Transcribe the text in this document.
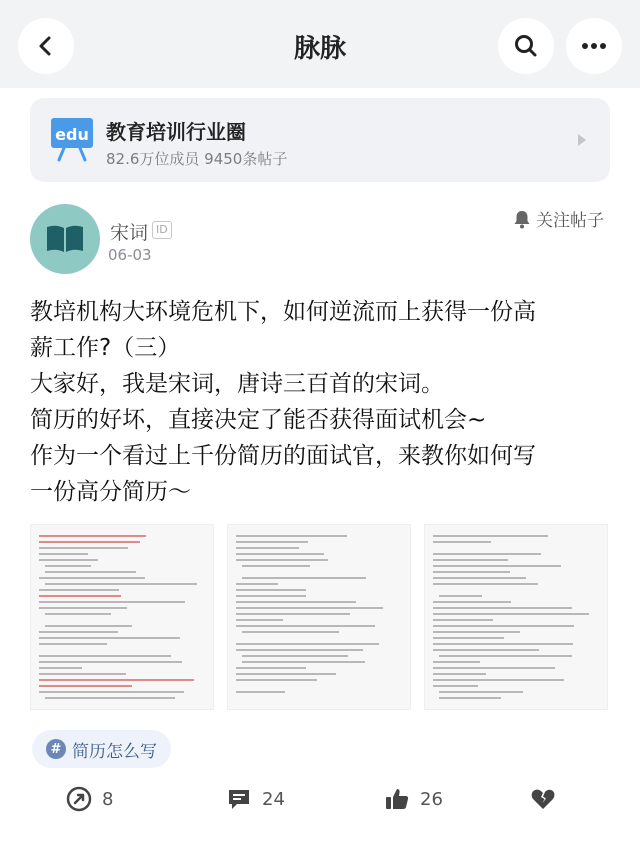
脉脉
edu 教育培训行业圈
82.6万位成员 9450条帖子
宋词 ID
06-03
关注帖子
教培机构大环境危机下，如何逆流而上获得一份高
薪工作?（三）
大家好，我是宋词，唐诗三百首的宋词。
简历的好坏，直接决定了能否获得面试机会~
作为一个看过上千份简历的面试官，来教你如何写
一份高分简历～
# 简历怎么写
8	24	26
